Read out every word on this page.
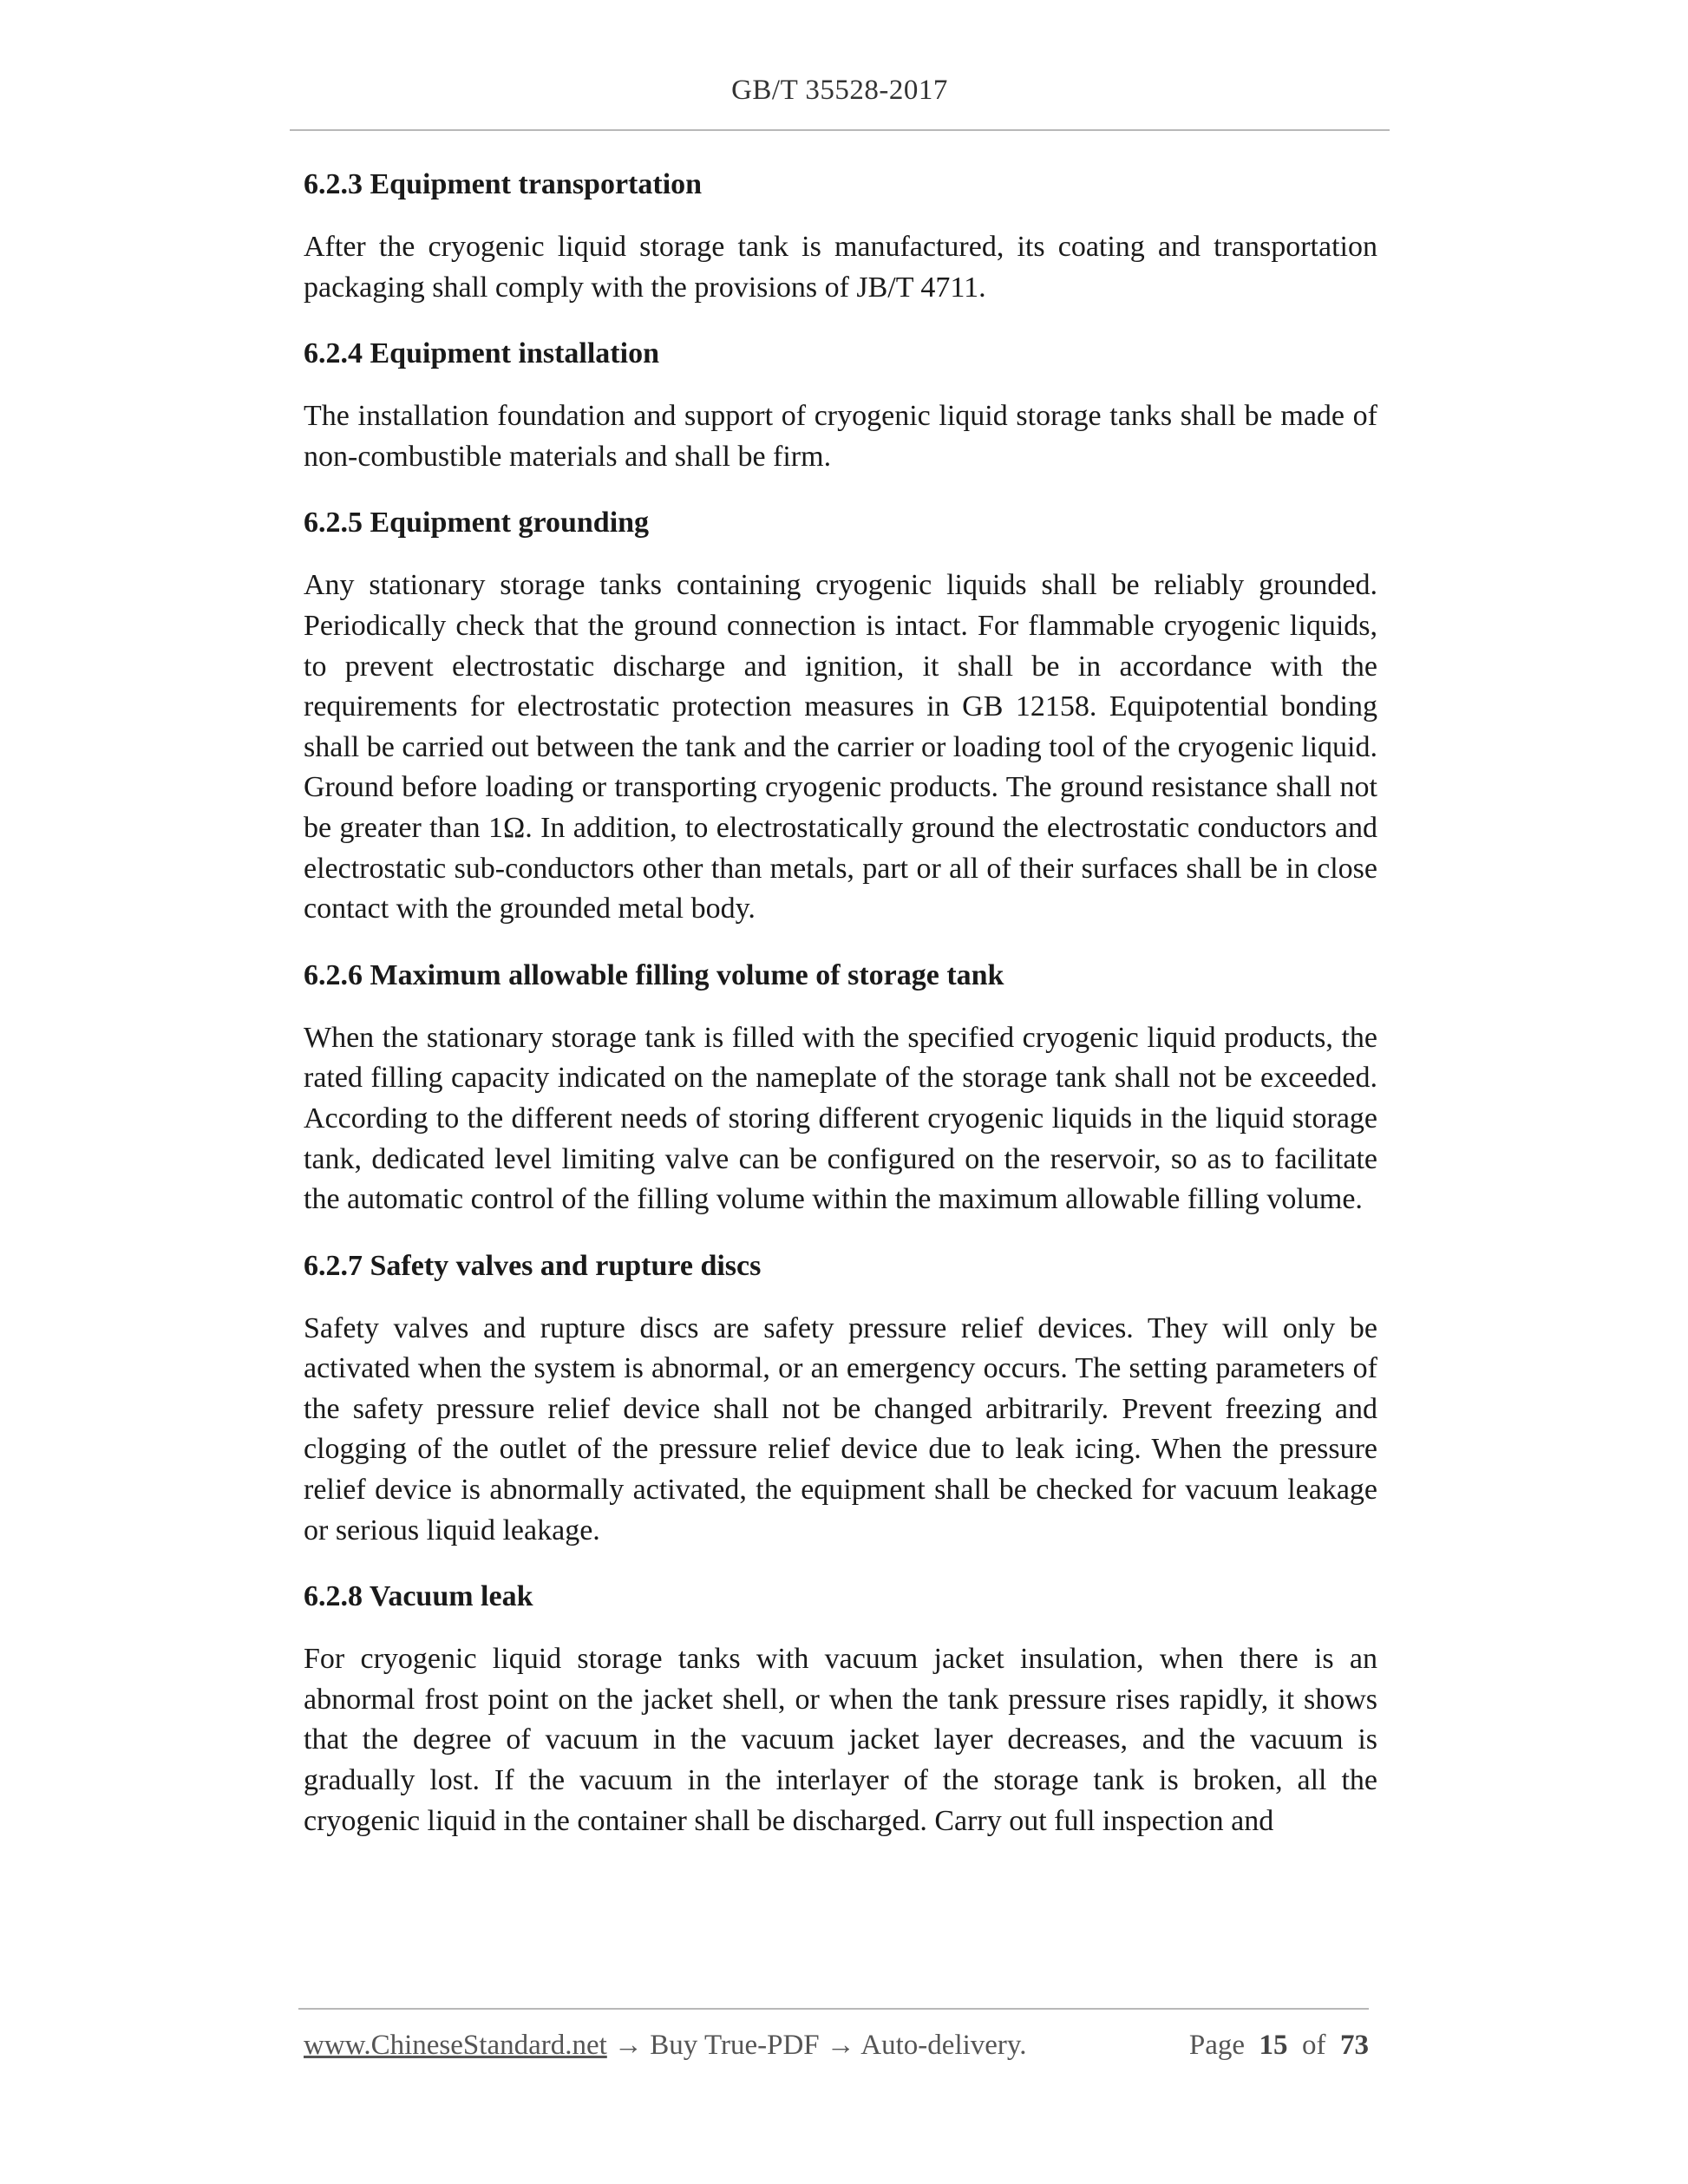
GB/T 35528-2017
6.2.3 Equipment transportation

After the cryogenic liquid storage tank is manufactured, its coating and transportation packaging shall comply with the provisions of JB/T 4711.

6.2.4 Equipment installation

The installation foundation and support of cryogenic liquid storage tanks shall be made of non-combustible materials and shall be firm.

6.2.5 Equipment grounding

Any stationary storage tanks containing cryogenic liquids shall be reliably grounded. Periodically check that the ground connection is intact. For flammable cryogenic liquids, to prevent electrostatic discharge and ignition, it shall be in accordance with the requirements for electrostatic protection measures in GB 12158. Equipotential bonding shall be carried out between the tank and the carrier or loading tool of the cryogenic liquid. Ground before loading or transporting cryogenic products. The ground resistance shall not be greater than 1Ω. In addition, to electrostatically ground the electrostatic conductors and electrostatic sub-conductors other than metals, part or all of their surfaces shall be in close contact with the grounded metal body.

6.2.6 Maximum allowable filling volume of storage tank

When the stationary storage tank is filled with the specified cryogenic liquid products, the rated filling capacity indicated on the nameplate of the storage tank shall not be exceeded. According to the different needs of storing different cryogenic liquids in the liquid storage tank, dedicated level limiting valve can be configured on the reservoir, so as to facilitate the automatic control of the filling volume within the maximum allowable filling volume.

6.2.7 Safety valves and rupture discs

Safety valves and rupture discs are safety pressure relief devices. They will only be activated when the system is abnormal, or an emergency occurs. The setting parameters of the safety pressure relief device shall not be changed arbitrarily. Prevent freezing and clogging of the outlet of the pressure relief device due to leak icing. When the pressure relief device is abnormally activated, the equipment shall be checked for vacuum leakage or serious liquid leakage.

6.2.8 Vacuum leak

For cryogenic liquid storage tanks with vacuum jacket insulation, when there is an abnormal frost point on the jacket shell, or when the tank pressure rises rapidly, it shows that the degree of vacuum in the vacuum jacket layer decreases, and the vacuum is gradually lost. If the vacuum in the interlayer of the storage tank is broken, all the cryogenic liquid in the container shall be discharged. Carry out full inspection and

www.ChineseStandard.net → Buy True-PDF → Auto-delivery.	Page 15 of 73
